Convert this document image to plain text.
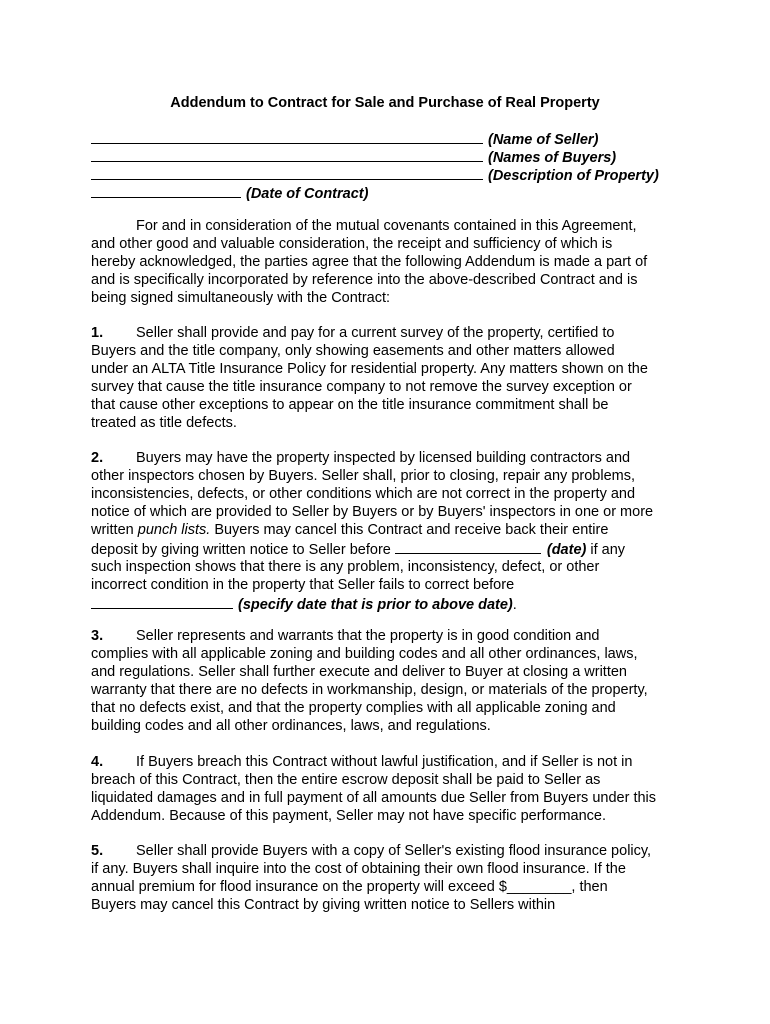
Addendum to Contract for Sale and Purchase of Real Property
(Name of Seller)
(Names of Buyers)
(Description of Property)
(Date of Contract)
For and in consideration of the mutual covenants contained in this Agreement,
and other good and valuable consideration, the receipt and sufficiency of which is
hereby acknowledged, the parties agree that the following Addendum is made a part of
and is specifically incorporated by reference into the above-described Contract and is
being signed simultaneously with the Contract:
1. Seller shall provide and pay for a current survey of the property, certified to
Buyers and the title company, only showing easements and other matters allowed
under an ALTA Title Insurance Policy for residential property. Any matters shown on the
survey that cause the title insurance company to not remove the survey exception or
that cause other exceptions to appear on the title insurance commitment shall be
treated as title defects.
2. Buyers may have the property inspected by licensed building contractors and
other inspectors chosen by Buyers. Seller shall, prior to closing, repair any problems,
inconsistencies, defects, or other conditions which are not correct in the property and
notice of which are provided to Seller by Buyers or by Buyers' inspectors in one or more
written punch lists. Buyers may cancel this Contract and receive back their entire
deposit by giving written notice to Seller before	(date) if any
such inspection shows that there is any problem, inconsistency, defect, or other
incorrect condition in the property that Seller fails to correct before
(specify date that is prior to above date).
3. Seller represents and warrants that the property is in good condition and
complies with all applicable zoning and building codes and all other ordinances, laws,
and regulations. Seller shall further execute and deliver to Buyer at closing a written
warranty that there are no defects in workmanship, design, or materials of the property,
that no defects exist, and that the property complies with all applicable zoning and
building codes and all other ordinances, laws, and regulations.
4. If Buyers breach this Contract without lawful justification, and if Seller is not in
breach of this Contract, then the entire escrow deposit shall be paid to Seller as
liquidated damages and in full payment of all amounts due Seller from Buyers under this
Addendum. Because of this payment, Seller may not have specific performance.
5. Seller shall provide Buyers with a copy of Seller's existing flood insurance policy,
if any. Buyers shall inquire into the cost of obtaining their own flood insurance. If the
annual premium for flood insurance on the property will exceed $________, then
Buyers may cancel this Contract by giving written notice to Sellers within
